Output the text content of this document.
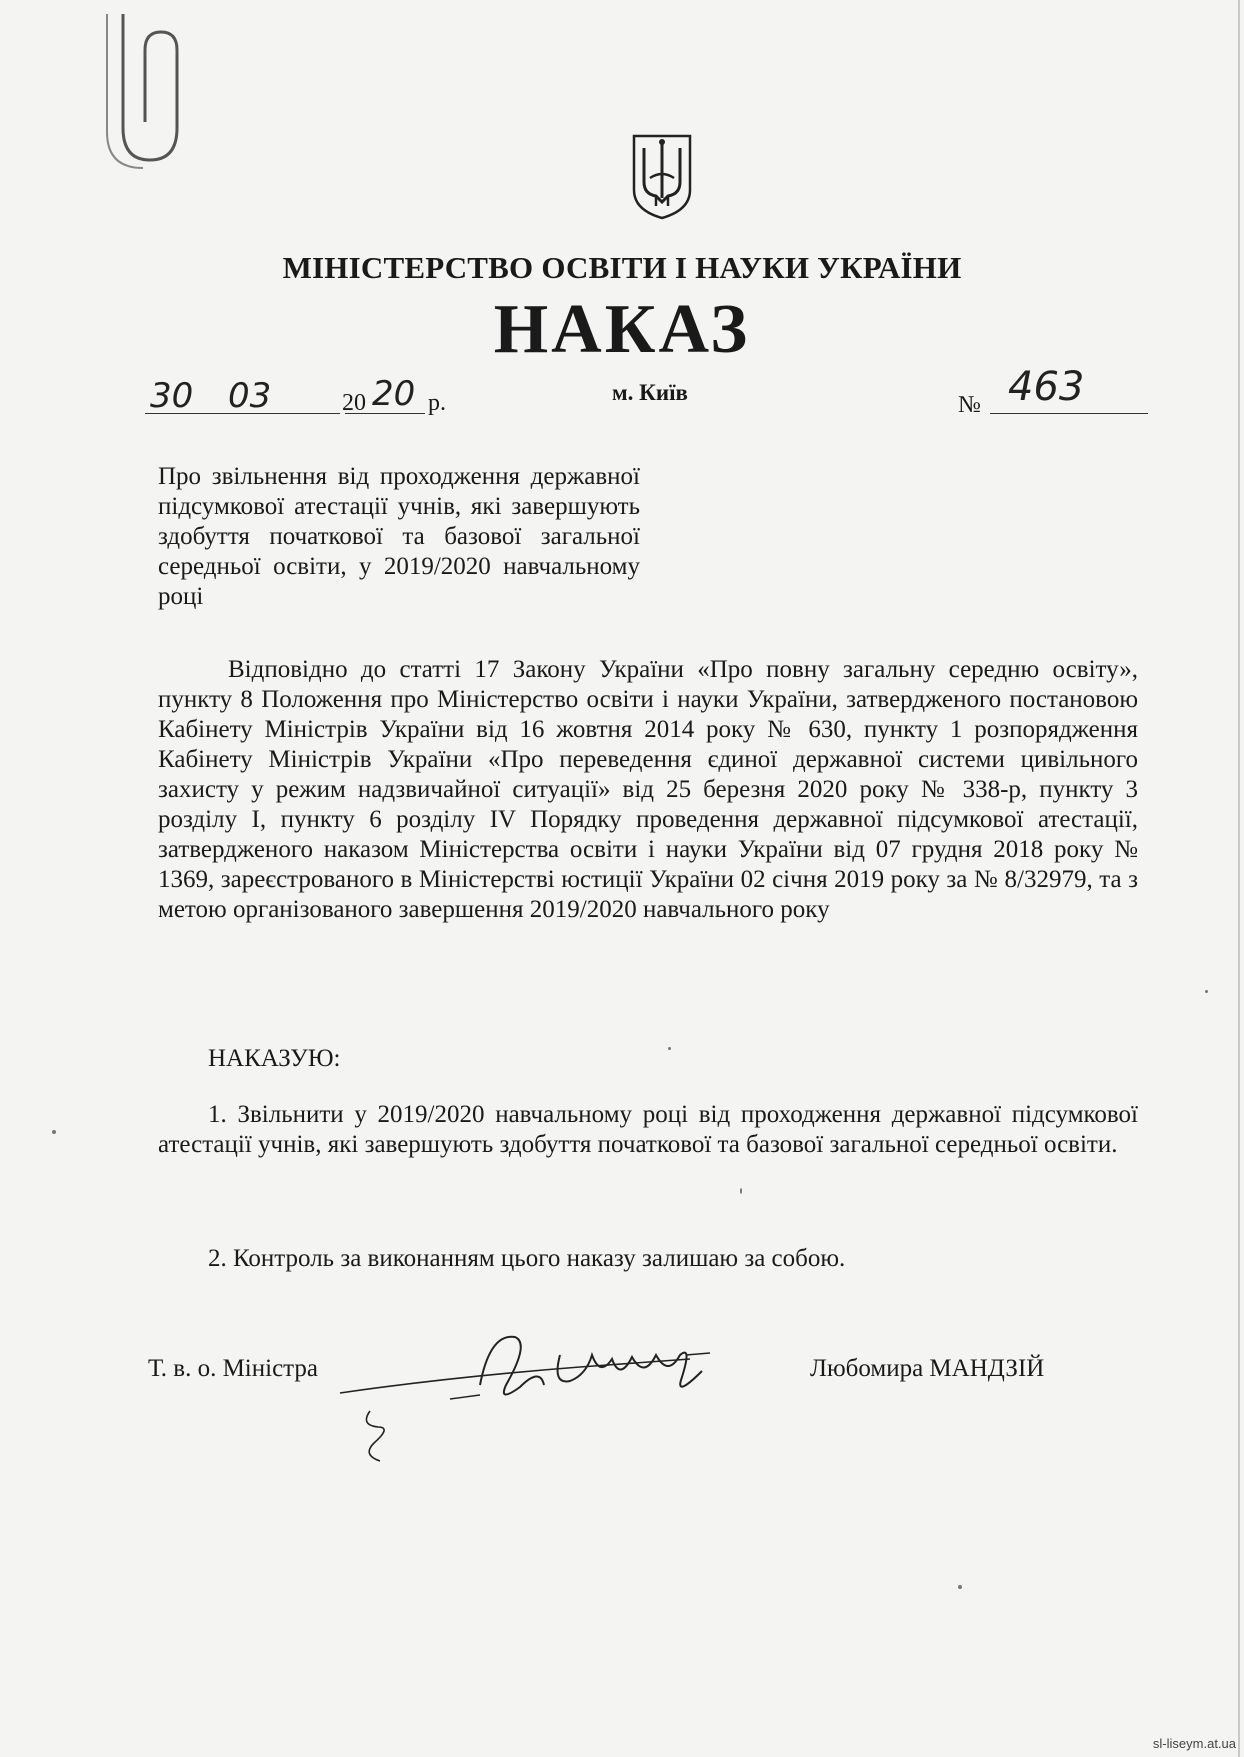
МІНІСТЕРСТВО ОСВІТИ І НАУКИ УКРАЇНИ
НАКАЗ
30 03	20 20 р.	м. Київ	№ 463
Про звільнення від проходження державної підсумкової атестації учнів, які завершують здобуття початкової та базової загальної середньої освіти, у 2019/2020 навчальному році
Відповідно до статті 17 Закону України «Про повну загальну середню освіту», пункту 8 Положення про Міністерство освіти і науки України, затвердженого постановою Кабінету Міністрів України від 16 жовтня 2014 року № 630, пункту 1 розпорядження Кабінету Міністрів України «Про переведення єдиної державної системи цивільного захисту у режим надзвичайної ситуації» від 25 березня 2020 року № 338-р, пункту 3 розділу І, пункту 6 розділу IV Порядку проведення державної підсумкової атестації, затвердженого наказом Міністерства освіти і науки України від 07 грудня 2018 року № 1369, зареєстрованого в Міністерстві юстиції України 02 січня 2019 року за № 8/32979, та з метою організованого завершення 2019/2020 навчального року
НАКАЗУЮ:
1. Звільнити у 2019/2020 навчальному році від проходження державної підсумкової атестації учнів, які завершують здобуття початкової та базової загальної середньої освіти.
2. Контроль за виконанням цього наказу залишаю за собою.
Т. в. о. Міністра	Любомира МАНДЗІЙ
sl-liseym.at.ua
